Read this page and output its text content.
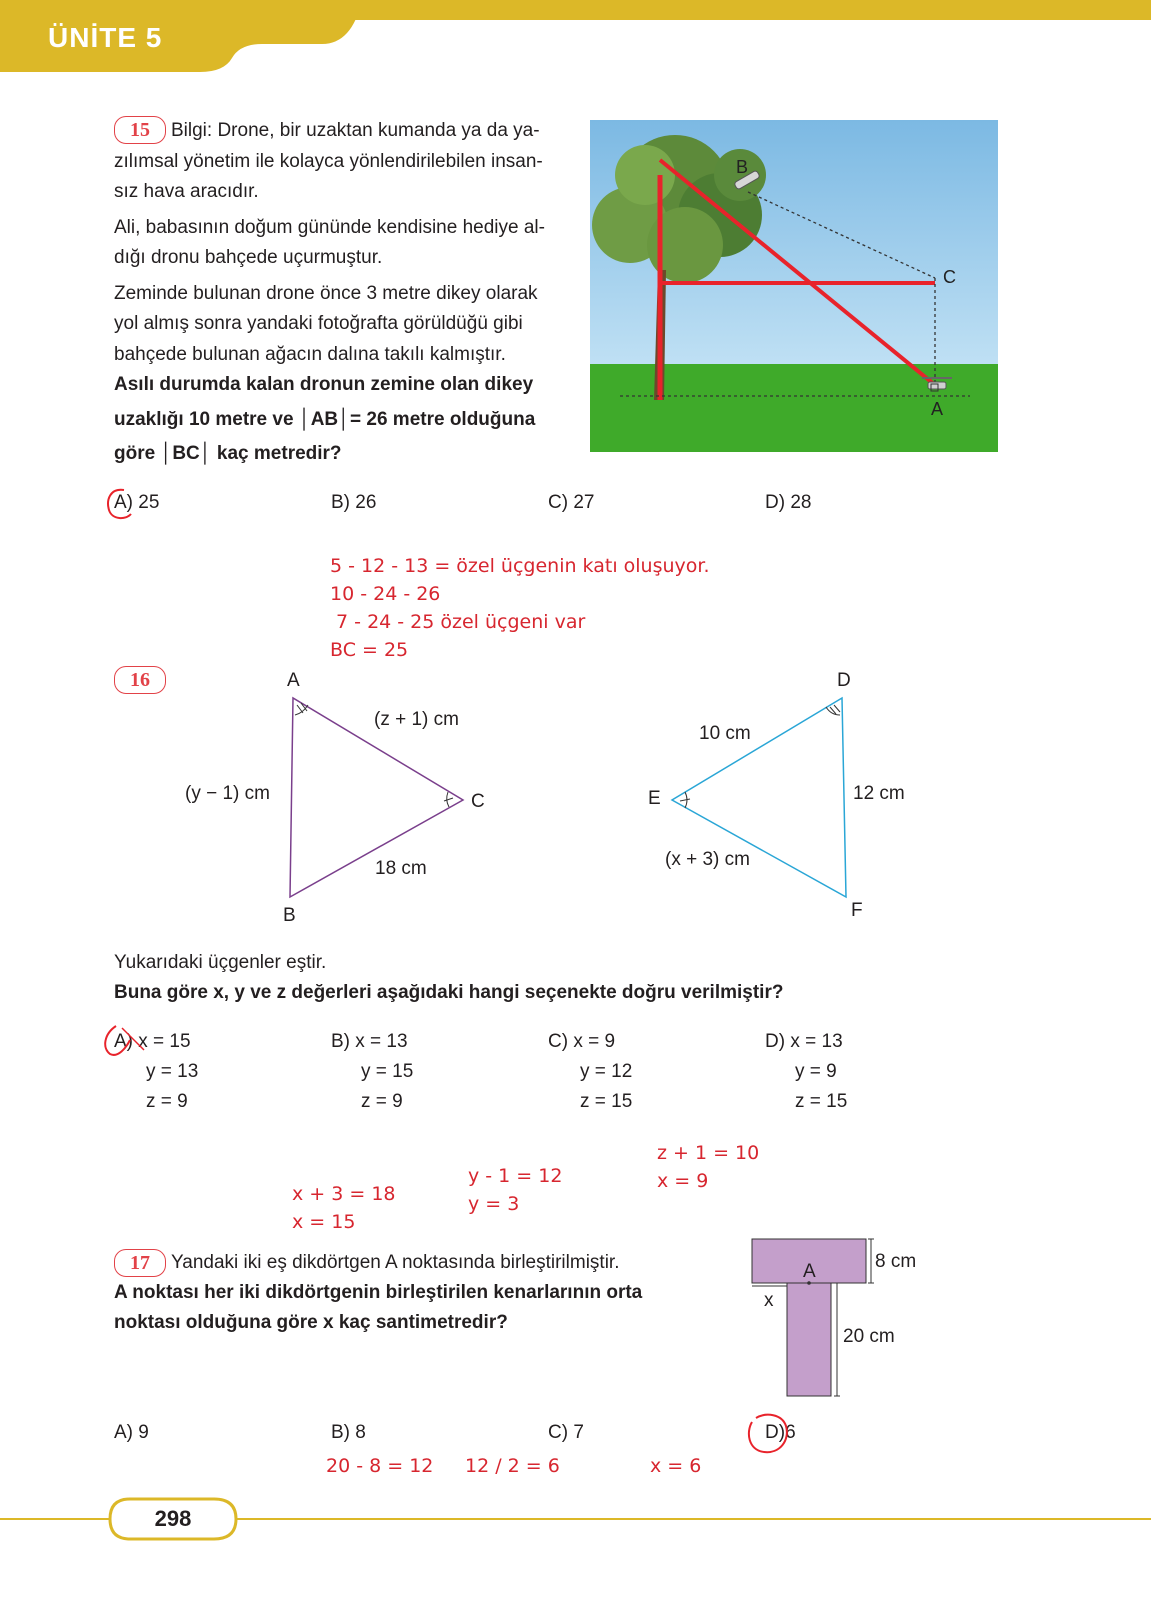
ÜNİTE 5
15	Bilgi: Drone, bir uzaktan kumanda ya da ya-
zılımsal yönetim ile kolayca yönlendirilebilen insan-
sız hava aracıdır.
Ali, babasının doğum gününde kendisine hediye al-
dığı dronu bahçede uçurmuştur.
Zeminde bulunan drone önce 3 metre dikey olarak
yol almış sonra yandaki fotoğrafta görüldüğü gibi
bahçede bulunan ağacın dalına takılı kalmıştır.
Asılı durumda kalan dronun zemine olan dikey
uzaklığı 10 metre ve │AB│= 26 metre olduğuna
göre │BC│ kaç metredir?
B
C
A
A) 25	B) 26	C) 27	D) 28
5 - 12 - 13 = özel üçgenin katı oluşuyor.
10 - 24 - 26
7 - 24 - 25 özel üçgeni var
BC = 25
16	A
(z + 1) cm
(y − 1) cm	C
18 cm
B
D
10 cm
12 cm
E
(x + 3) cm
F
Yukarıdaki üçgenler eştir.
Buna göre x, y ve z değerleri aşağıdaki hangi seçenekte doğru verilmiştir?
A) x = 15
y = 13
z = 9
B) x = 13
y = 15
z = 9
C) x = 9
y = 12
z = 15
D) x = 13
y = 9
z = 15
x + 3 = 18
x = 15
y - 1 = 12
y = 3
z + 1 = 10
x = 9
17	Yandaki iki eş dikdörtgen A noktasında birleştirilmiştir.
A noktası her iki dikdörtgenin birleştirilen kenarlarının orta
noktası olduğuna göre x kaç santimetredir?
A
x
8 cm
20 cm
A) 9	B) 8	C) 7	D)6
20 - 8 = 12 12 / 2 = 6	x = 6
298
